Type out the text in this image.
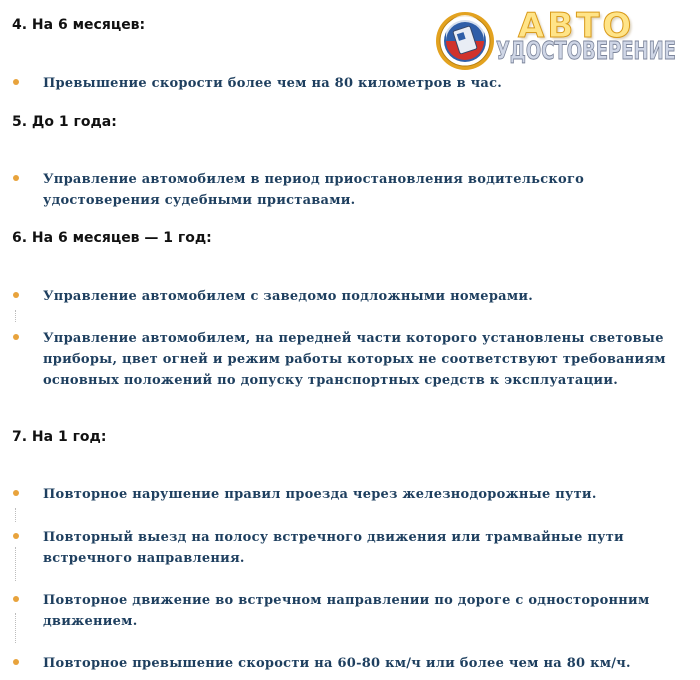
АВТО
УДОСТОВЕРЕНИЕ
4. На 6 месяцев:
Превышение скорости более чем на 80 километров в час.
5. До 1 года:
Управление автомобилем в период приостановления водительского удостоверения судебными приставами.
6. На 6 месяцев — 1 год:
Управление автомобилем с заведомо подложными номерами.
Управление автомобилем, на передней части которого установлены световые приборы, цвет огней и режим работы которых не соответствуют требованиям основных положений по допуску транспортных средств к эксплуатации.
7. На 1 год:
Повторное нарушение правил проезда через железнодорожные пути.
Повторный выезд на полосу встречного движения или трамвайные пути встречного направления.
Повторное движение во встречном направлении по дороге с односторонним движением.
Повторное превышение скорости на 60-80 км/ч или более чем на 80 км/ч.
